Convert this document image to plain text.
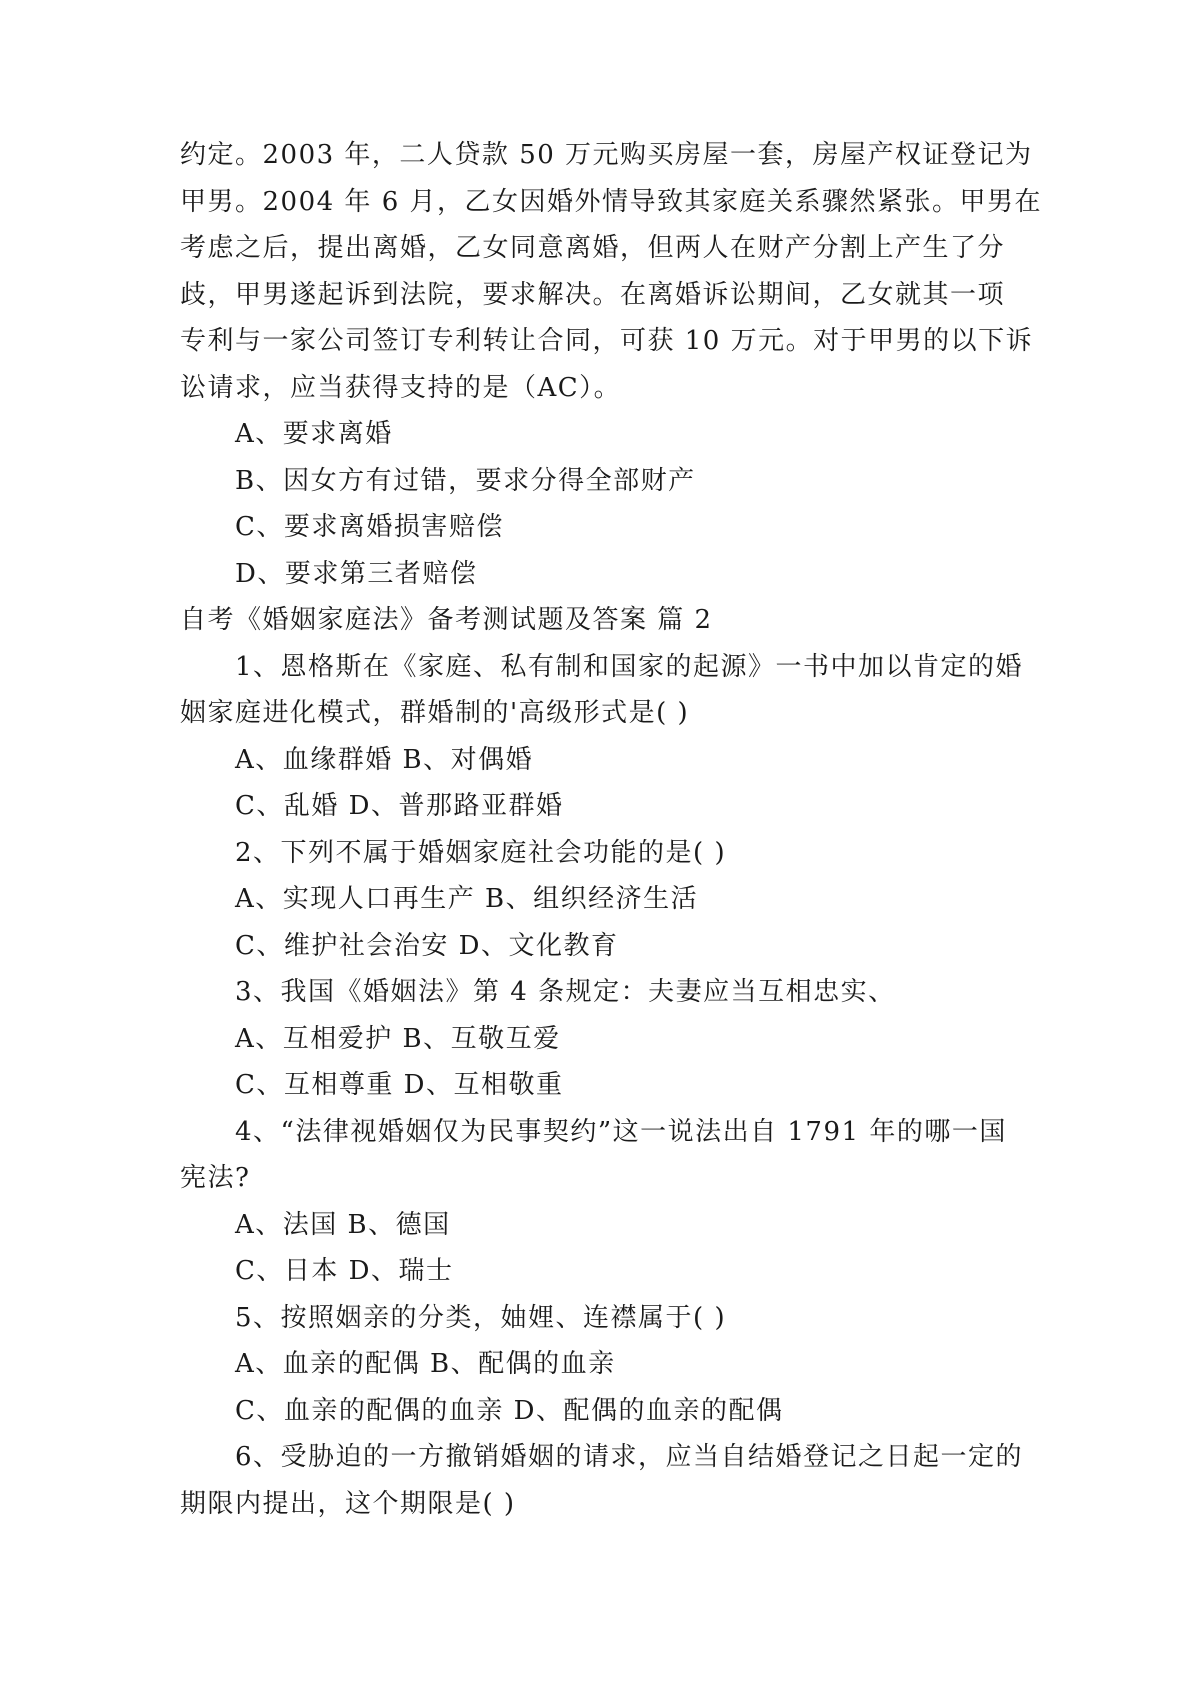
约定。2003 年，二人贷款 50 万元购买房屋一套，房屋产权证登记为
甲男。2004 年 6 月，乙女因婚外情导致其家庭关系骤然紧张。甲男在
考虑之后，提出离婚，乙女同意离婚，但两人在财产分割上产生了分
歧，甲男遂起诉到法院，要求解决。在离婚诉讼期间，乙女就其一项
专利与一家公司签订专利转让合同，可获 10 万元。对于甲男的以下诉
讼请求，应当获得支持的是（AC）。
A、要求离婚
B、因女方有过错，要求分得全部财产
C、要求离婚损害赔偿
D、要求第三者赔偿
自考《婚姻家庭法》备考测试题及答案 篇 2
1、恩格斯在《家庭、私有制和国家的起源》一书中加以肯定的婚
姻家庭进化模式，群婚制的'高级形式是( )
A、血缘群婚 B、对偶婚
C、乱婚 D、普那路亚群婚
2、下列不属于婚姻家庭社会功能的是( )
A、实现人口再生产 B、组织经济生活
C、维护社会治安 D、文化教育
3、我国《婚姻法》第 4 条规定：夫妻应当互相忠实、
A、互相爱护 B、互敬互爱
C、互相尊重 D、互相敬重
4、“法律视婚姻仅为民事契约”这一说法出自 1791 年的哪一国
宪法?
A、法国 B、德国
C、日本 D、瑞士
5、按照姻亲的分类，妯娌、连襟属于( )
A、血亲的配偶 B、配偶的血亲
C、血亲的配偶的血亲 D、配偶的血亲的配偶
6、受胁迫的一方撤销婚姻的请求，应当自结婚登记之日起一定的
期限内提出，这个期限是( )
